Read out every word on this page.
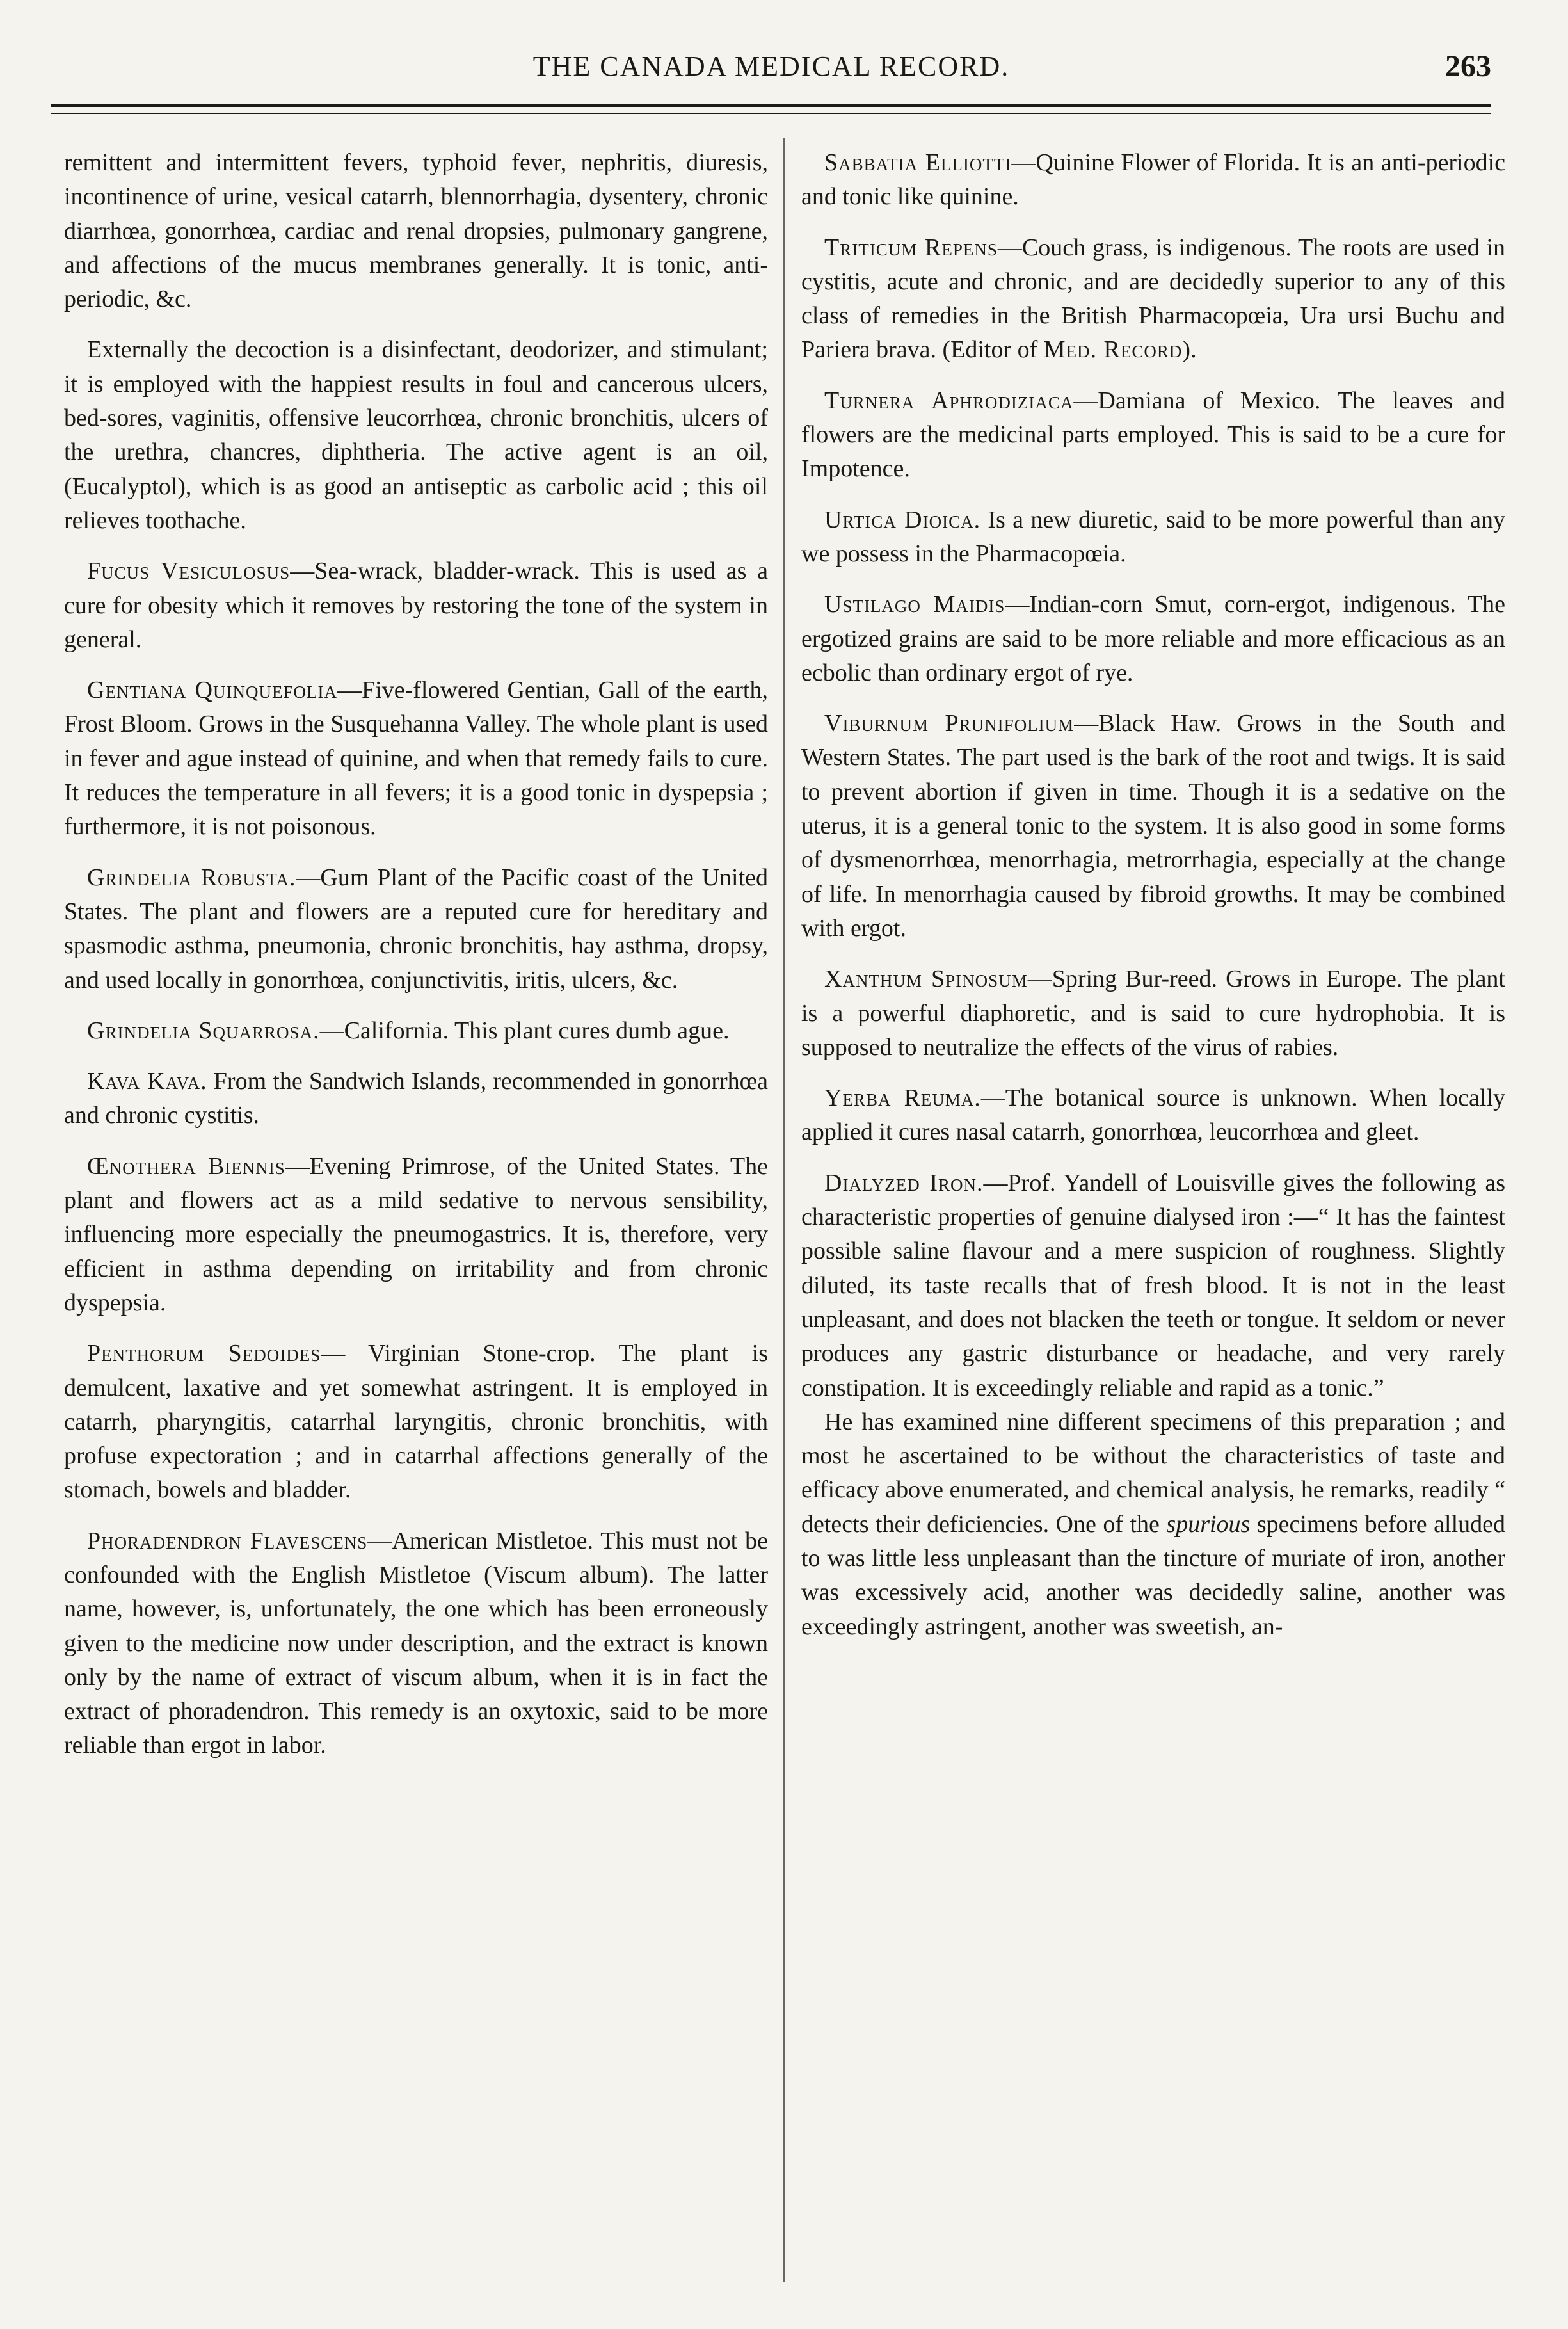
THE CANADA MEDICAL RECORD.	263

remittent and intermittent fevers, typhoid fever, nephritis, diuresis, incontinence of urine, vesical catarrh, blennorrhagia, dysentery, chronic diarrhœa, gonorrhœa, cardiac and renal dropsies, pulmonary gangrene, and affections of the mucus membranes generally. It is tonic, anti-periodic, &c.

Externally the decoction is a disinfectant, deodorizer, and stimulant; it is employed with the happiest results in foul and cancerous ulcers, bed-sores, vaginitis, offensive leucorrhœa, chronic bronchitis, ulcers of the urethra, chancres, diphtheria. The active agent is an oil, (Eucalyptol), which is as good an antiseptic as carbolic acid ; this oil relieves toothache.

Fucus Vesiculosus—Sea-wrack, bladder-wrack. This is used as a cure for obesity which it removes by restoring the tone of the system in general.

Gentiana Quinquefolia—Five-flowered Gentian, Gall of the earth, Frost Bloom. Grows in the Susquehanna Valley. The whole plant is used in fever and ague instead of quinine, and when that remedy fails to cure. It reduces the temperature in all fevers; it is a good tonic in dyspepsia ; furthermore, it is not poisonous.

Grindelia Robusta.—Gum Plant of the Pacific coast of the United States. The plant and flowers are a reputed cure for hereditary and spasmodic asthma, pneumonia, chronic bronchitis, hay asthma, dropsy, and used locally in gonorrhœa, conjunctivitis, iritis, ulcers, &c.

Grindelia Squarrosa.—California. This plant cures dumb ague.

Kava Kava. From the Sandwich Islands, recommended in gonorrhœa and chronic cystitis.

Œnothera Biennis—Evening Primrose, of the United States. The plant and flowers act as a mild sedative to nervous sensibility, influencing more especially the pneumogastrics. It is, therefore, very efficient in asthma depending on irritability and from chronic dyspepsia.

Penthorum Sedoides— Virginian Stone-crop. The plant is demulcent, laxative and yet somewhat astringent. It is employed in catarrh, pharyngitis, catarrhal laryngitis, chronic bronchitis, with profuse expectoration ; and in catarrhal affections generally of the stomach, bowels and bladder.

Phoradendron Flavescens—American Mistletoe. This must not be confounded with the English Mistletoe (Viscum album). The latter name, however, is, unfortunately, the one which has been erroneously given to the medicine now under description, and the extract is known only by the name of extract of viscum album, when it is in fact the extract of phoradendron. This remedy is an oxytoxic, said to be more reliable than ergot in labor.

Sabbatia Elliotti—Quinine Flower of Florida. It is an anti-periodic and tonic like quinine.

Triticum Repens—Couch grass, is indigenous. The roots are used in cystitis, acute and chronic, and are decidedly superior to any of this class of remedies in the British Pharmacopœia, Ura ursi Buchu and Pariera brava. (Editor of Med. Record).

Turnera Aphrodiziaca—Damiana of Mexico. The leaves and flowers are the medicinal parts employed. This is said to be a cure for Impotence.

Urtica Dioica. Is a new diuretic, said to be more powerful than any we possess in the Pharmacopœia.

Ustilago Maidis—Indian-corn Smut, corn-ergot, indigenous. The ergotized grains are said to be more reliable and more efficacious as an ecbolic than ordinary ergot of rye.

Viburnum Prunifolium—Black Haw. Grows in the South and Western States. The part used is the bark of the root and twigs. It is said to prevent abortion if given in time. Though it is a sedative on the uterus, it is a general tonic to the system. It is also good in some forms of dysmenorrhœa, menorrhagia, metrorrhagia, especially at the change of life. In menorrhagia caused by fibroid growths. It may be combined with ergot.

Xanthum Spinosum—Spring Bur-reed. Grows in Europe. The plant is a powerful diaphoretic, and is said to cure hydrophobia. It is supposed to neutralize the effects of the virus of rabies.

Yerba Reuma.—The botanical source is unknown. When locally applied it cures nasal catarrh, gonorrhœa, leucorrhœa and gleet.

Dialyzed Iron.—Prof. Yandell of Louisville gives the following as characteristic properties of genuine dialysed iron :—“ It has the faintest possible saline flavour and a mere suspicion of roughness. Slightly diluted, its taste recalls that of fresh blood. It is not in the least unpleasant, and does not blacken the teeth or tongue. It seldom or never produces any gastric disturbance or headache, and very rarely constipation. It is exceedingly reliable and rapid as a tonic.”

He has examined nine different specimens of this preparation ; and most he ascertained to be without the characteristics of taste and efficacy above enumerated, and chemical analysis, he remarks, readily “ detects their deficiencies. One of the spurious specimens before alluded to was little less unpleasant than the tincture of muriate of iron, another was excessively acid, another was decidedly saline, another was exceedingly astringent, another was sweetish, an-
